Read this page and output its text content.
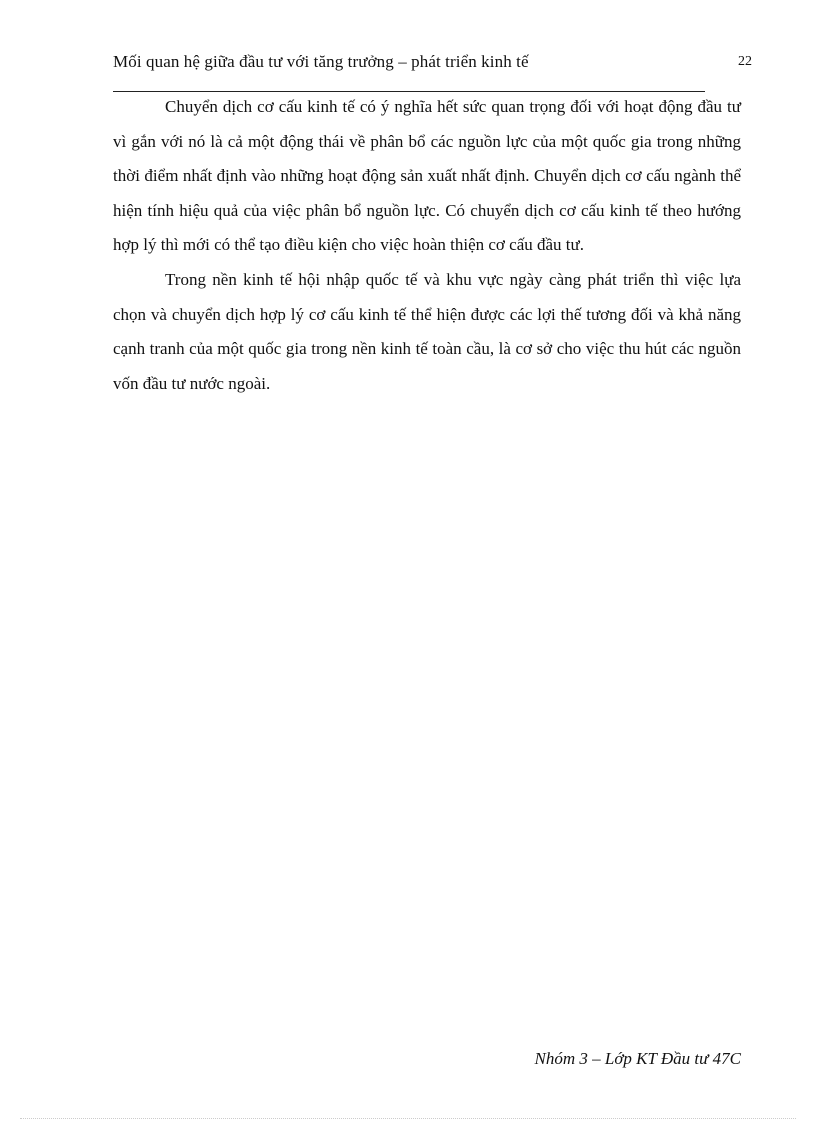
Mối quan hệ giữa đầu tư với tăng trưởng – phát triển kinh tế	22

Chuyển dịch cơ cấu kinh tế có ý nghĩa hết sức quan trọng đối với hoạt động đầu tư vì gắn với nó là cả một động thái về phân bổ các nguồn lực của một quốc gia trong những thời điểm nhất định vào những hoạt động sản xuất nhất định. Chuyển dịch cơ cấu ngành thể hiện tính hiệu quả của việc phân bổ nguồn lực. Có chuyển dịch cơ cấu kinh tế theo hướng hợp lý thì mới có thể tạo điều kiện cho việc hoàn thiện cơ cấu đầu tư.

Trong nền kinh tế hội nhập quốc tế và khu vực ngày càng phát triển thì việc lựa chọn và chuyển dịch hợp lý cơ cấu kinh tế thể hiện được các lợi thế tương đối và khả năng cạnh tranh của một quốc gia trong nền kinh tế toàn cầu, là cơ sở cho việc thu hút các nguồn vốn đầu tư nước ngoài.

Nhóm 3 – Lớp KT Đầu tư 47C
